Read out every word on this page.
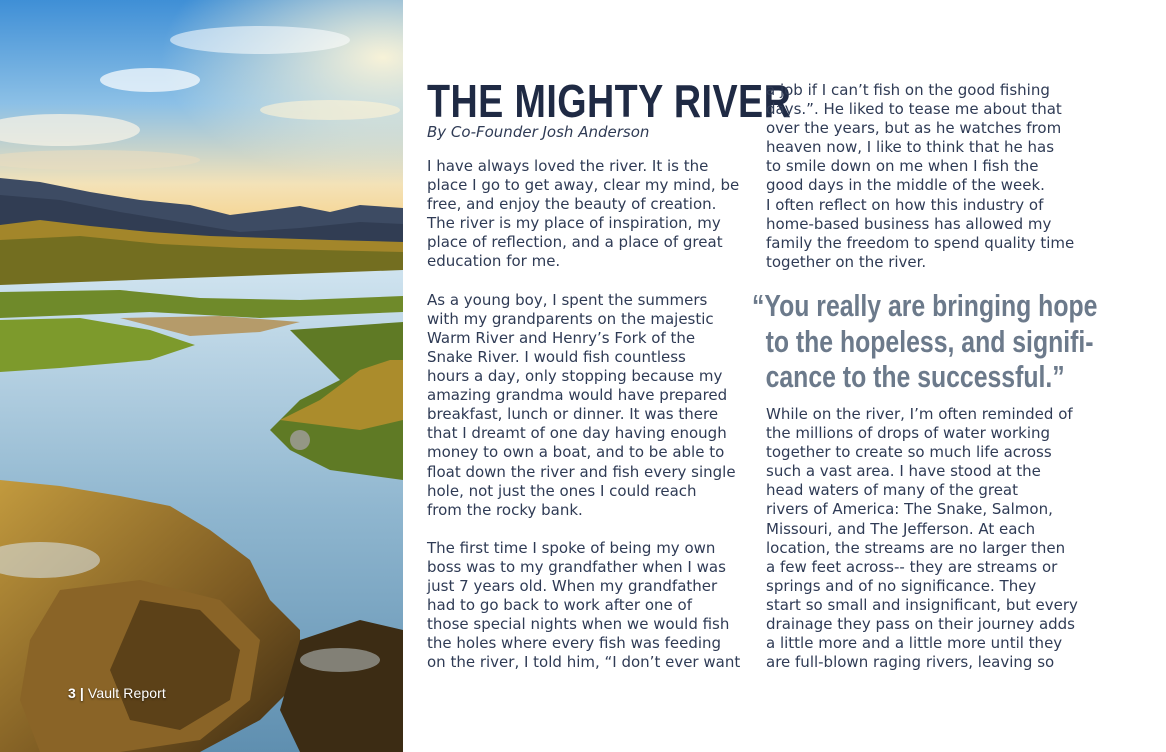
3 | Vault Report
THE MIGHTY RIVER
By Co-Founder Josh Anderson
I have always loved the river. It is the
place I go to get away, clear my mind, be
free, and enjoy the beauty of creation.
The river is my place of inspiration, my
place of reflection, and a place of great
education for me.
As a young boy, I spent the summers
with my grandparents on the majestic
Warm River and Henry’s Fork of the
Snake River. I would fish countless
hours a day, only stopping because my
amazing grandma would have prepared
breakfast, lunch or dinner. It was there
that I dreamt of one day having enough
money to own a boat, and to be able to
float down the river and fish every single
hole, not just the ones I could reach
from the rocky bank.
The first time I spoke of being my own
boss was to my grandfather when I was
just 7 years old. When my grandfather
had to go back to work after one of
those special nights when we would fish
the holes where every fish was feeding
on the river, I told him, “I don’t ever want
a job if I can’t fish on the good fishing
days.”. He liked to tease me about that
over the years, but as he watches from
heaven now, I like to think that he has
to smile down on me when I fish the
good days in the middle of the week.
I often reflect on how this industry of
home-based business has allowed my
family the freedom to spend quality time
together on the river.
“You really are bringing hope
to the hopeless, and signifi-
cance to the successful.”
While on the river, I’m often reminded of
the millions of drops of water working
together to create so much life across
such a vast area. I have stood at the
head waters of many of the great
rivers of America: The Snake, Salmon,
Missouri, and The Jefferson. At each
location, the streams are no larger then
a few feet across-- they are streams or
springs and of no significance. They
start so small and insignificant, but every
drainage they pass on their journey adds
a little more and a little more until they
are full-blown raging rivers, leaving so
